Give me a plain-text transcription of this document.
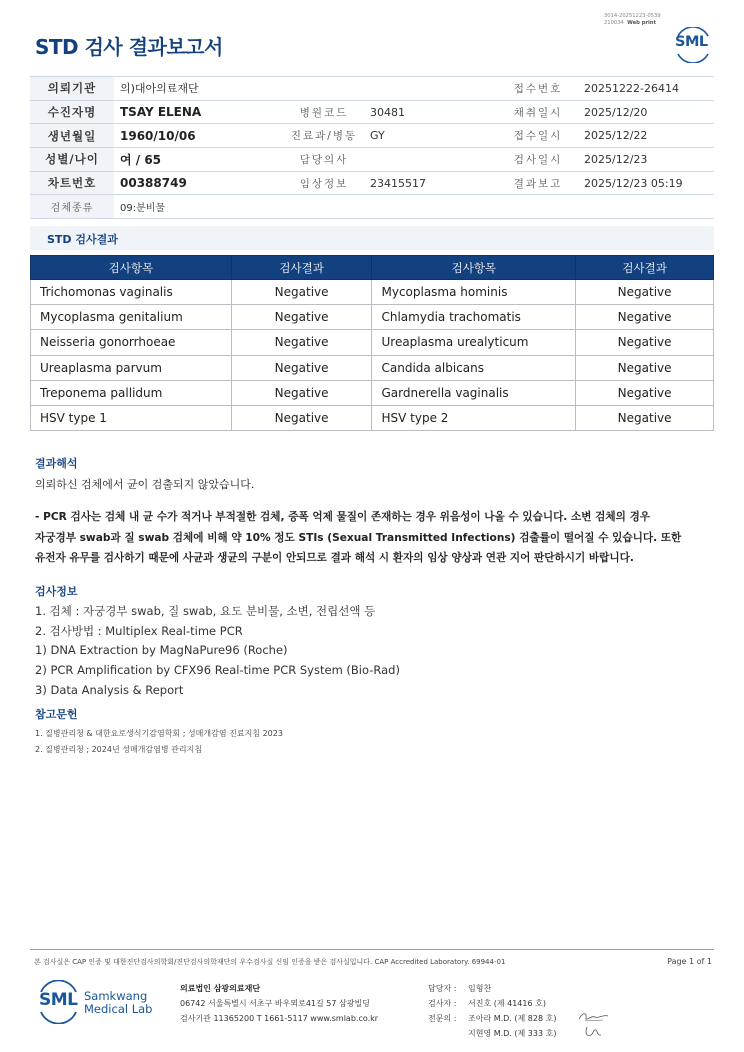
3014-20251223-0539
210034 Web print
STD 검사 결과보고서	SML
의뢰기관	의)대아의료재단			접수번호	20251222-26414
수진자명	TSAY ELENA	병원코드	30481	채취일시	2025/12/20
생년월일	1960/10/06	진료과/병동	GY	접수일시	2025/12/22
성별/나이	여 / 65	담당의사		검사일시	2025/12/23
차트번호	00388749	임상정보	23415517	결과보고	2025/12/23 05:19
검체종류	09:분비물				
STD 검사결과
검사항목	검사결과	검사항목	검사결과
Trichomonas vaginalis	Negative	Mycoplasma hominis	Negative
Mycoplasma genitalium	Negative	Chlamydia trachomatis	Negative
Neisseria gonorrhoeae	Negative	Ureaplasma urealyticum	Negative
Ureaplasma parvum	Negative	Candida albicans	Negative
Treponema pallidum	Negative	Gardnerella vaginalis	Negative
HSV type 1	Negative	HSV type 2	Negative
결과해석
의뢰하신 검체에서 균이 검출되지 않았습니다.
- PCR 검사는 검체 내 균 수가 적거나 부적절한 검체, 증폭 억제 물질이 존재하는 경우 위음성이 나올 수 있습니다. 소변 검체의 경우
자궁경부 swab과 질 swab 검체에 비해 약 10% 정도 STIs (Sexual Transmitted Infections) 검출률이 떨어질 수 있습니다. 또한
유전자 유무를 검사하기 때문에 사균과 생균의 구분이 안되므로 결과 해석 시 환자의 임상 양상과 연관 지어 판단하시기 바랍니다.
검사정보
1. 검체 : 자궁경부 swab, 질 swab, 요도 분비물, 소변, 전립선액 등
2. 검사방법 : Multiplex Real-time PCR
1) DNA Extraction by MagNaPure96 (Roche)
2) PCR Amplification by CFX96 Real-time PCR System (Bio-Rad)
3) Data Analysis & Report
참고문헌
1. 질병관리청 & 대한요로생식기감염학회 ; 성매개감염 진료지침 2023
2. 질병관리청 ; 2024년 성매개감염병 관리지침
본 검사실은 CAP 인증 및 대한진단검사의학회/진단검사의학재단의 우수검사실 신임 인증을 받은 검사실입니다. CAP Accredited Laboratory. 69944-01	Page 1 of 1
SML Samkwang
Medical Lab
의료법인 삼광의료재단
06742 서울특별시 서초구 바우뫼로41길 57 삼광빌딩
검사기관 11365200 T 1661-5117 www.smlab.co.kr
담당자 :	임형찬
검사자 :	서진호 (제 41416 호)
전문의 :	조아라 M.D. (제 828 호)
지현영 M.D. (제 333 호)
